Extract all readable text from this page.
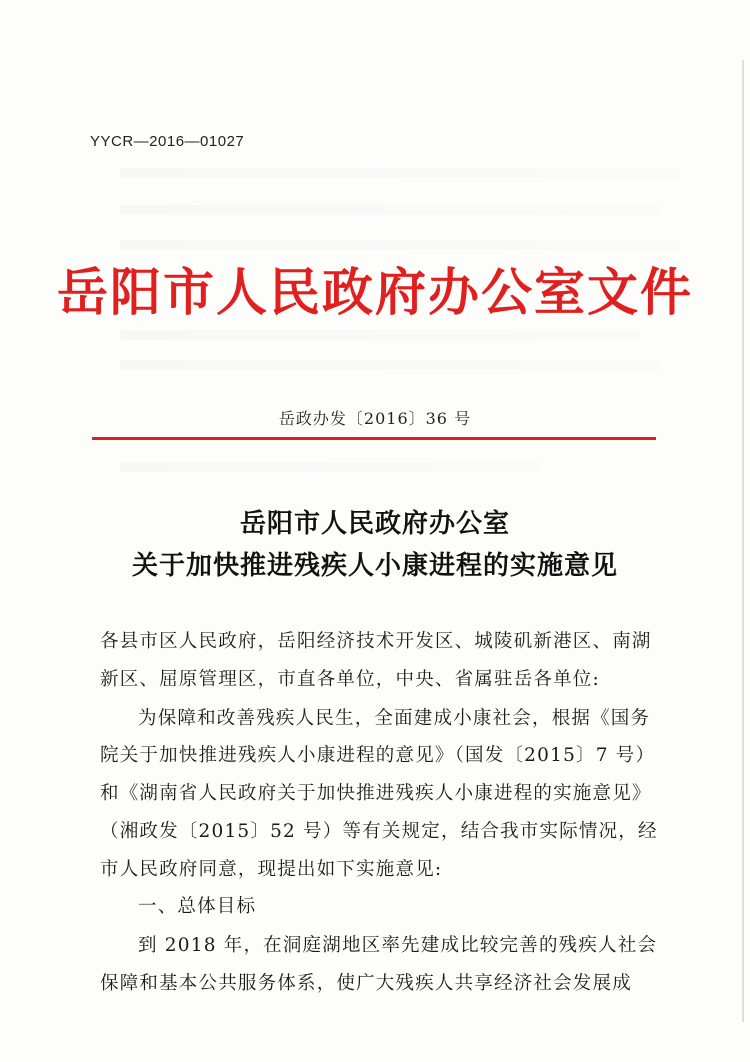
YYCR—2016—01027
岳阳市人民政府办公室文件
岳政办发〔2016〕36 号
岳阳市人民政府办公室
关于加快推进残疾人小康进程的实施意见
各县市区人民政府，岳阳经济技术开发区、城陵矶新港区、南湖
新区、屈原管理区，市直各单位，中央、省属驻岳各单位:
为保障和改善残疾人民生，全面建成小康社会，根据《国务
院关于加快推进残疾人小康进程的意见》（国发〔2015〕7 号）
和《湖南省人民政府关于加快推进残疾人小康进程的实施意见》
（湘政发〔2015〕52 号）等有关规定，结合我市实际情况，经
市人民政府同意，现提出如下实施意见:
一、总体目标
到 2018 年，在洞庭湖地区率先建成比较完善的残疾人社会
保障和基本公共服务体系，使广大残疾人共享经济社会发展成
